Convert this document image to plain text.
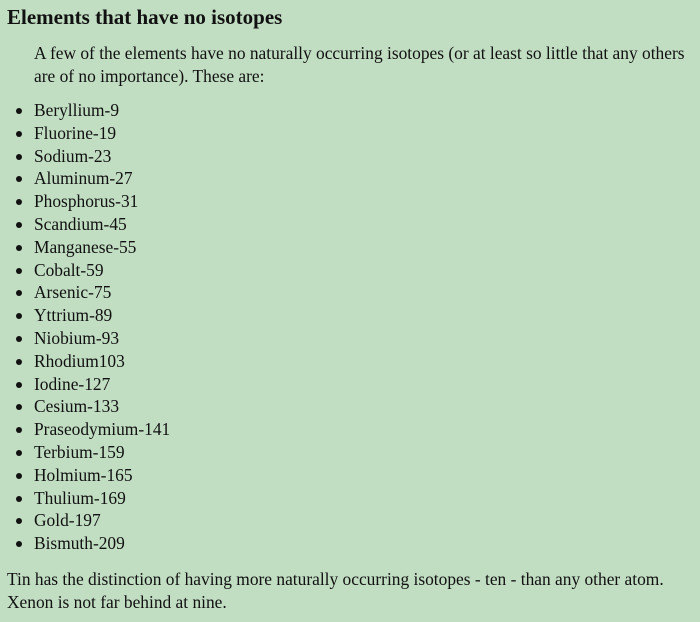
Elements that have no isotopes

A few of the elements have no naturally occurring isotopes (or at least so little that any others are of no importance). These are:

Beryllium-9
Fluorine-19
Sodium-23
Aluminum-27
Phosphorus-31
Scandium-45
Manganese-55
Cobalt-59
Arsenic-75
Yttrium-89
Niobium-93
Rhodium103
Iodine-127
Cesium-133
Praseodymium-141
Terbium-159
Holmium-165
Thulium-169
Gold-197
Bismuth-209

Tin has the distinction of having more naturally occurring isotopes - ten - than any other atom. Xenon is not far behind at nine.
